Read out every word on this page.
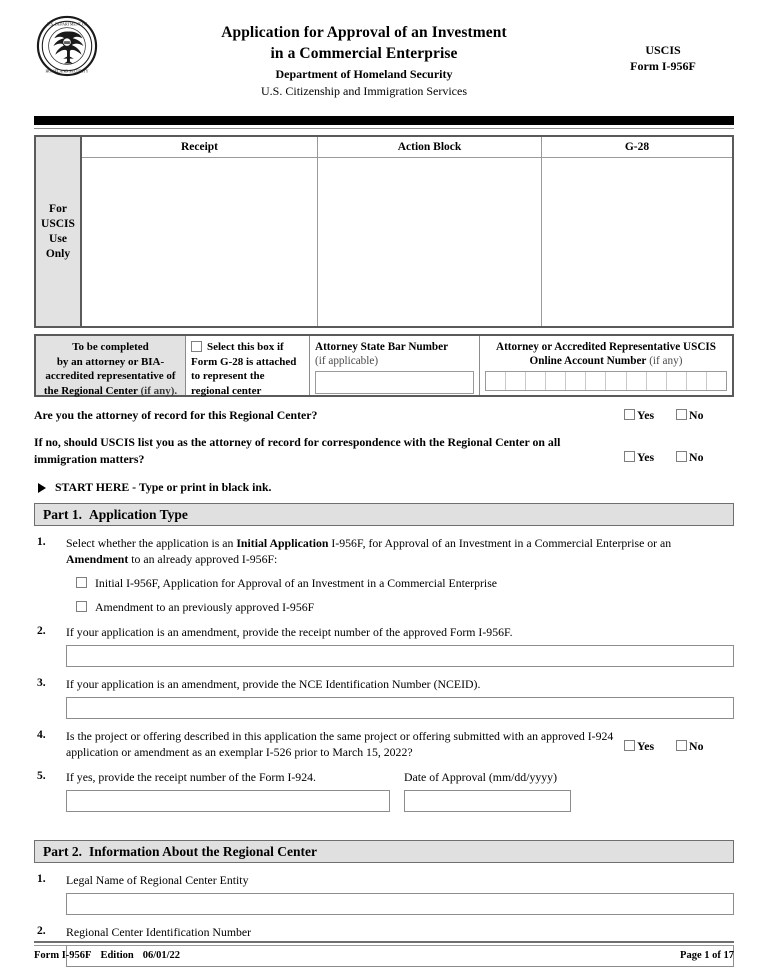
U.S. DEPARTMENT OF
HOMELAND SECURITY
Application for Approval of an Investment
in a Commercial Enterprise
Department of Homeland Security
U.S. Citizenship and Immigration Services
USCIS
Form I-956F
For
USCIS
Use
Only
Receipt	Action Block	G-28
To be completed
by an attorney or BIA-
accredited representative of
the Regional Center (if any).
Select this box if Form G-28 is attached to represent the regional center
Attorney State Bar Number
(if applicable)
Attorney or Accredited Representative USCIS Online Account Number (if any)
Are you the attorney of record for this Regional Center?	Yes	No
If no, should USCIS list you as the attorney of record for correspondence with the Regional Center on all immigration matters?	Yes	No
START HERE - Type or print in black ink.
Part 1. Application Type
1.	Select whether the application is an Initial Application I-956F, for Approval of an Investment in a Commercial Enterprise or an Amendment to an already approved I-956F:
Initial I-956F, Application for Approval of an Investment in a Commercial Enterprise
Amendment to an previously approved I-956F
2.	If your application is an amendment, provide the receipt number of the approved Form I-956F.
3.	If your application is an amendment, provide the NCE Identification Number (NCEID).
4.	Is the project or offering described in this application the same project or offering submitted with an approved I-924 application or amendment as an exemplar I-526 prior to March 15, 2022?	Yes	No
5.	If yes, provide the receipt number of the Form I-924.	Date of Approval (mm/dd/yyyy)
Part 2. Information About the Regional Center
1.	Legal Name of Regional Center Entity
2.	Regional Center Identification Number
Form I-956F Edition 06/01/22	Page 1 of 17
